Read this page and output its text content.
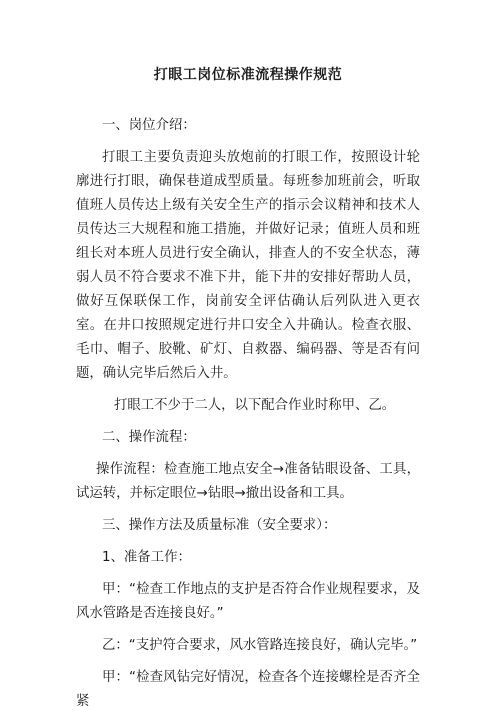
打眼工岗位标准流程操作规范

一、岗位介绍：

打眼工主要负责迎头放炮前的打眼工作，按照设计轮廓进行打眼，确保巷道成型质量。每班参加班前会，听取值班人员传达上级有关安全生产的指示会议精神和技术人员传达三大规程和施工措施，并做好记录；值班人员和班组长对本班人员进行安全确认，排查人的不安全状态，薄弱人员不符合要求不准下井，能下井的安排好帮助人员，做好互保联保工作，岗前安全评估确认后列队进入更衣室。在井口按照规定进行井口安全入井确认。检查衣服、毛巾、帽子、胶靴、矿灯、自救器、编码器、等是否有问题，确认完毕后然后入井。

打眼工不少于二人，以下配合作业时称甲、乙。

二、操作流程：

操作流程：检查施工地点安全→准备钻眼设备、工具，试运转，并标定眼位→钻眼→撤出设备和工具。

三、操作方法及质量标准（安全要求）：

1、准备工作：

甲：“检查工作地点的支护是否符合作业规程要求，及风水管路是否连接良好。”

乙：“支护符合要求，风水管路连接良好，确认完毕。”

甲：“检查风钻完好情况，检查各个连接螺栓是否齐全紧
